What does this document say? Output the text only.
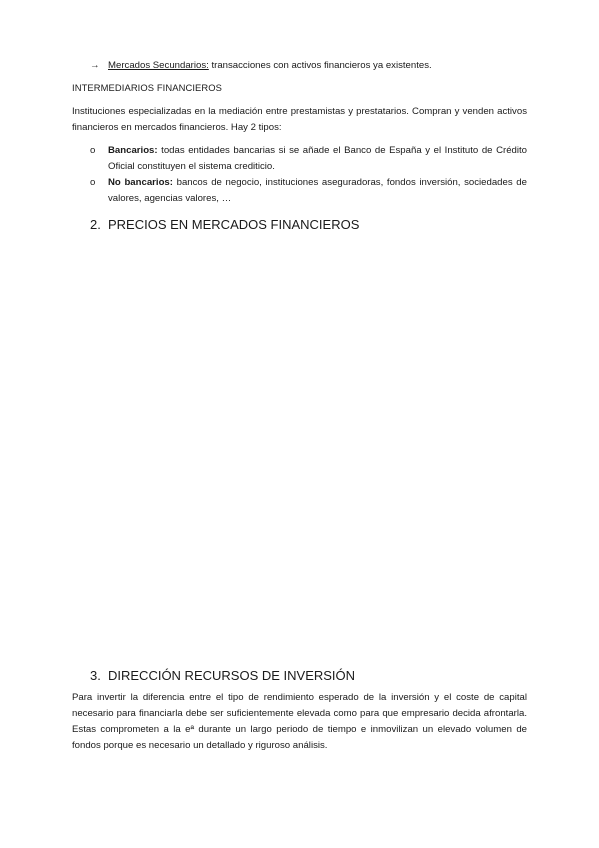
→ Mercados Secundarios: transacciones con activos financieros ya existentes.
INTERMEDIARIOS FINANCIEROS

Instituciones especializadas en la mediación entre prestamistas y prestatarios. Compran y venden activos financieros en mercados financieros. Hay 2 tipos:

o Bancarios: todas entidades bancarias si se añade el Banco de España y el Instituto de Crédito Oficial constituyen el sistema crediticio.
o No bancarios: bancos de negocio, instituciones aseguradoras, fondos inversión, sociedades de valores, agencias valores, …
2. PRECIOS EN MERCADOS FINANCIEROS
3. DIRECCIÓN RECURSOS DE INVERSIÓN

Para invertir la diferencia entre el tipo de rendimiento esperado de la inversión y el coste de capital necesario para financiarla debe ser suficientemente elevada como para que empresario decida afrontarla. Estas comprometen a la eª durante un largo periodo de tiempo e inmovilizan un elevado volumen de fondos porque es necesario un detallado y riguroso análisis.
